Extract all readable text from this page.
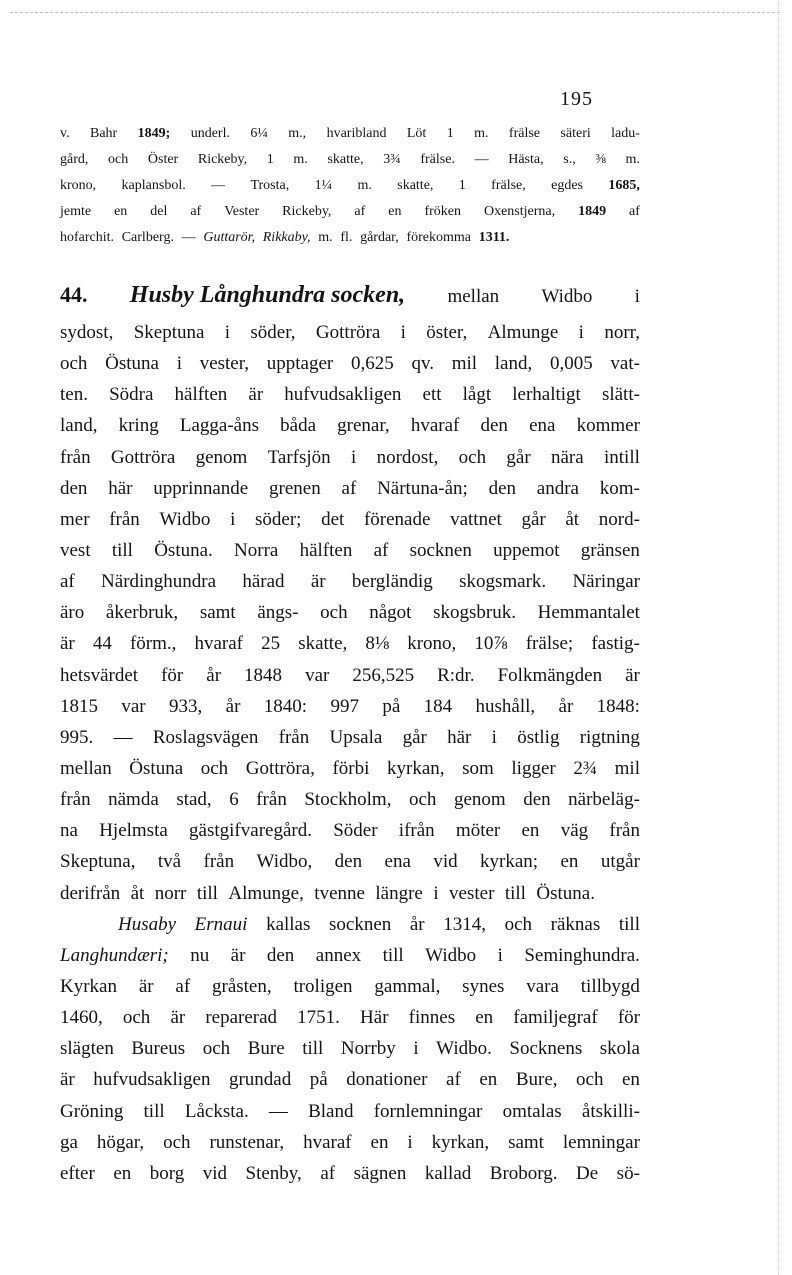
195
v. Bahr 1849; underl. 6¼ m., hvaribland Löt 1 m. frälse säteri ladu-
gård, och Öster Rickeby, 1 m. skatte, 3¾ frälse. — Hästa, s., ⅜ m.
krono, kaplansbol. — Trosta, 1¼ m. skatte, 1 frälse, egdes 1685,
jemte en del af Vester Rickeby, af en fröken Oxenstjerna, 1849 af
hofarchit. Carlberg. — Guttarör, Rikkaby, m. fl. gårdar, förekomma 1311.
44. Husby Långhundra socken, mellan Widbo i
sydost, Skeptuna i söder, Gottröra i öster, Almunge i norr,
och Östuna i vester, upptager 0,625 qv. mil land, 0,005 vat-
ten. Södra hälften är hufvudsakligen ett lågt lerhaltigt slätt-
land, kring Lagga-åns båda grenar, hvaraf den ena kommer
från Gottröra genom Tarfsjön i nordost, och går nära intill
den här upprinnande grenen af Närtuna-ån; den andra kom-
mer från Widbo i söder; det förenade vattnet går åt nord-
vest till Östuna. Norra hälften af socknen uppemot gränsen
af Närdinghundra härad är bergländig skogsmark. Näringar
äro åkerbruk, samt ängs- och något skogsbruk. Hemmantalet
är 44 förm., hvaraf 25 skatte, 8⅛ krono, 10⅞ frälse; fastig-
hetsvärdet för år 1848 var 256,525 R:dr. Folkmängden är
1815 var 933, år 1840: 997 på 184 hushåll, år 1848:
995. — Roslagsvägen från Upsala går här i östlig rigtning
mellan Östuna och Gottröra, förbi kyrkan, som ligger 2¾ mil
från nämda stad, 6 från Stockholm, och genom den närbeläg-
na Hjelmsta gästgifvaregård. Söder ifrån möter en väg från
Skeptuna, två från Widbo, den ena vid kyrkan; en utgår
derifrån åt norr till Almunge, tvenne längre i vester till Östuna.
Husaby Ernaui kallas socknen år 1314, och räknas till
Langhundæri; nu är den annex till Widbo i Seminghundra.
Kyrkan är af gråsten, troligen gammal, synes vara tillbygd
1460, och är reparerad 1751. Här finnes en familjegraf för
slägten Bureus och Bure till Norrby i Widbo. Socknens skola
är hufvudsakligen grundad på donationer af en Bure, och en
Gröning till Låcksta. — Bland fornlemningar omtalas åtskilli-
ga högar, och runstenar, hvaraf en i kyrkan, samt lemningar
efter en borg vid Stenby, af sägnen kallad Broborg. De sö-
